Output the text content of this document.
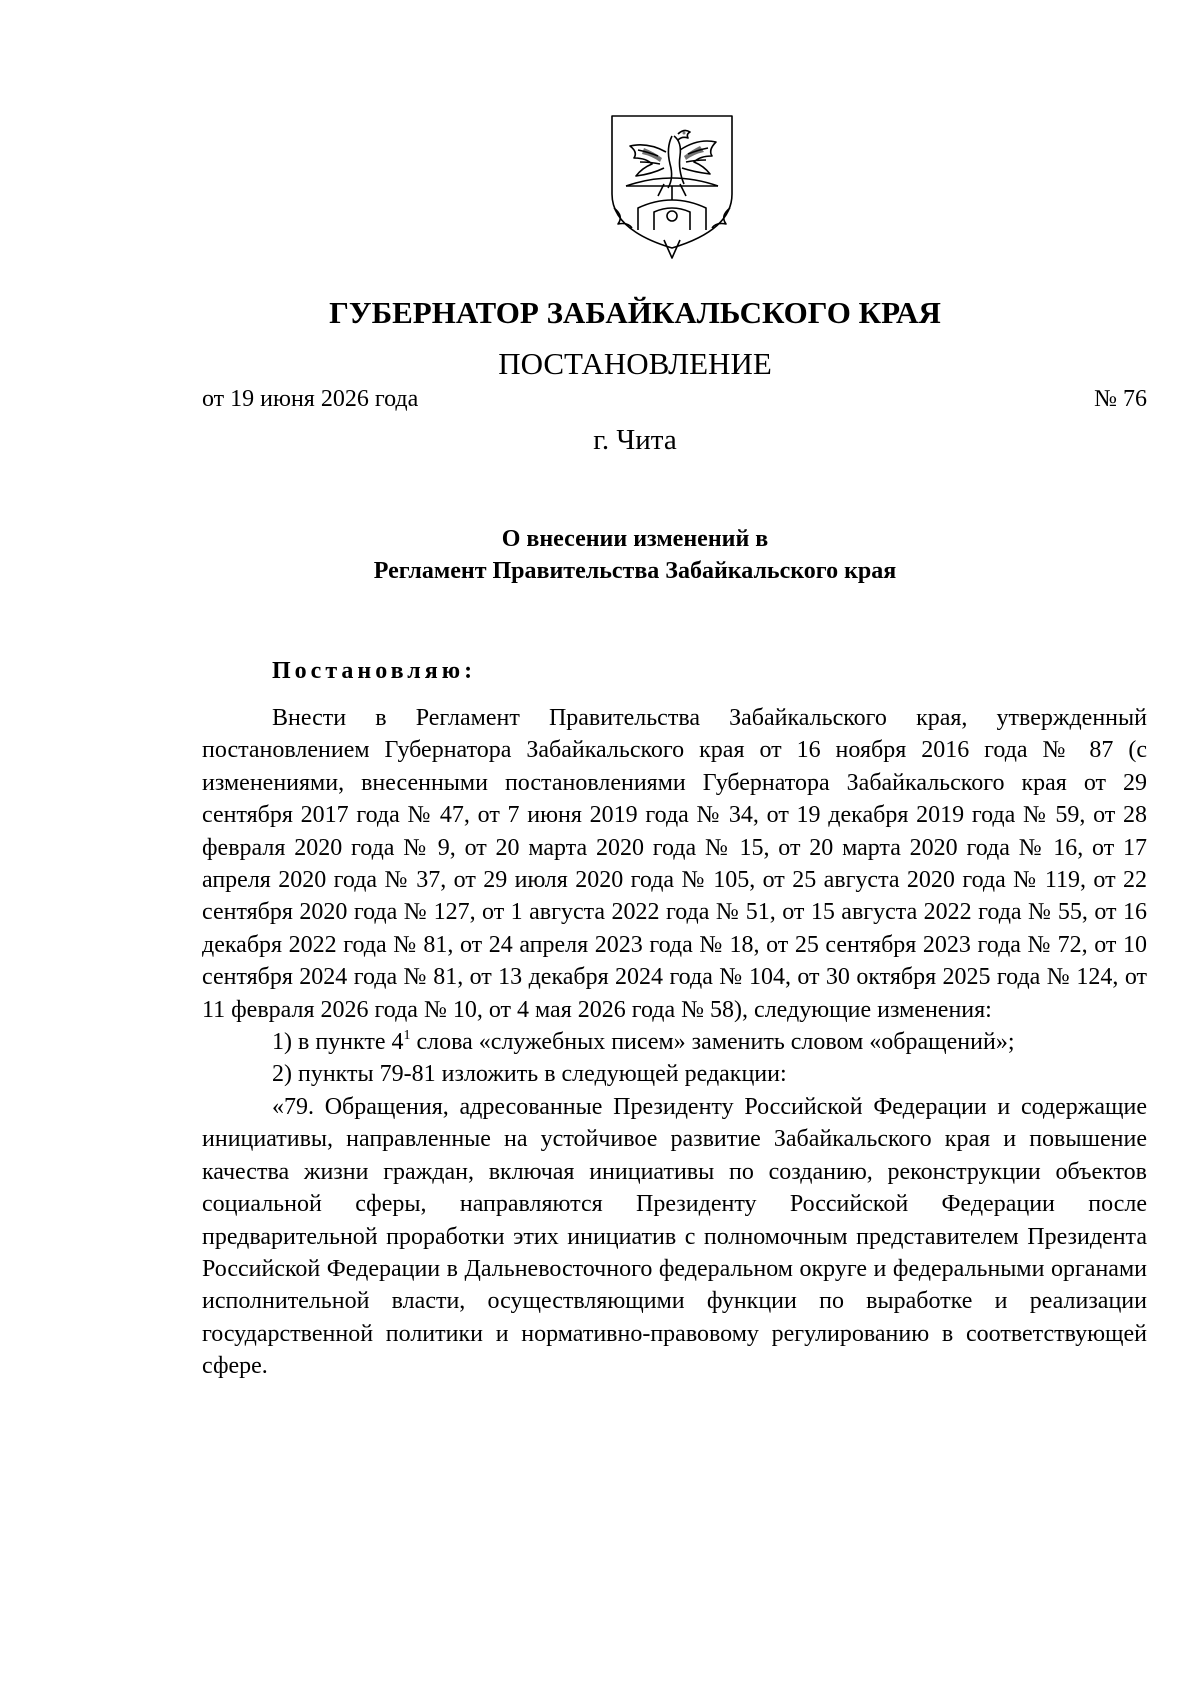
ГУБЕРНАТОР ЗАБАЙКАЛЬСКОГО КРАЯ
ПОСТАНОВЛЕНИЕ
от 19 июня 2026 года	№ 76
г. Чита
О внесении изменений в
Регламент Правительства Забайкальского края
Постановляю:

Внести в Регламент Правительства Забайкальского края, утвержденный постановлением Губернатора Забайкальского края от 16 ноября 2016 года № 87 (с изменениями, внесенными постановлениями Губернатора Забайкальского края от 29 сентября 2017 года № 47, от 7 июня 2019 года № 34, от 19 декабря 2019 года № 59, от 28 февраля 2020 года № 9, от 20 марта 2020 года № 15, от 20 марта 2020 года № 16, от 17 апреля 2020 года № 37, от 29 июля 2020 года № 105, от 25 августа 2020 года № 119, от 22 сентября 2020 года № 127, от 1 августа 2022 года № 51, от 15 августа 2022 года № 55, от 16 декабря 2022 года № 81, от 24 апреля 2023 года № 18, от 25 сентября 2023 года № 72, от 10 сентября 2024 года № 81, от 13 декабря 2024 года № 104, от 30 октября 2025 года № 124, от 11 февраля 2026 года № 10, от 4 мая 2026 года № 58), следующие изменения:

1) в пункте $4^1$ слова «служебных писем» заменить словом «обращений»;

2) пункты 79-81 изложить в следующей редакции:

«79. Обращения, адресованные Президенту Российской Федерации и содержащие инициативы, направленные на устойчивое развитие Забайкальского края и повышение качества жизни граждан, включая инициативы по созданию, реконструкции объектов социальной сферы, направляются Президенту Российской Федерации после предварительной проработки этих инициатив с полномочным представителем Президента Российской Федерации в Дальневосточного федеральном округе и федеральными органами исполнительной власти, осуществляющими функции по выработке и реализации государственной политики и нормативно-правовому регулированию в соответствующей сфере.
